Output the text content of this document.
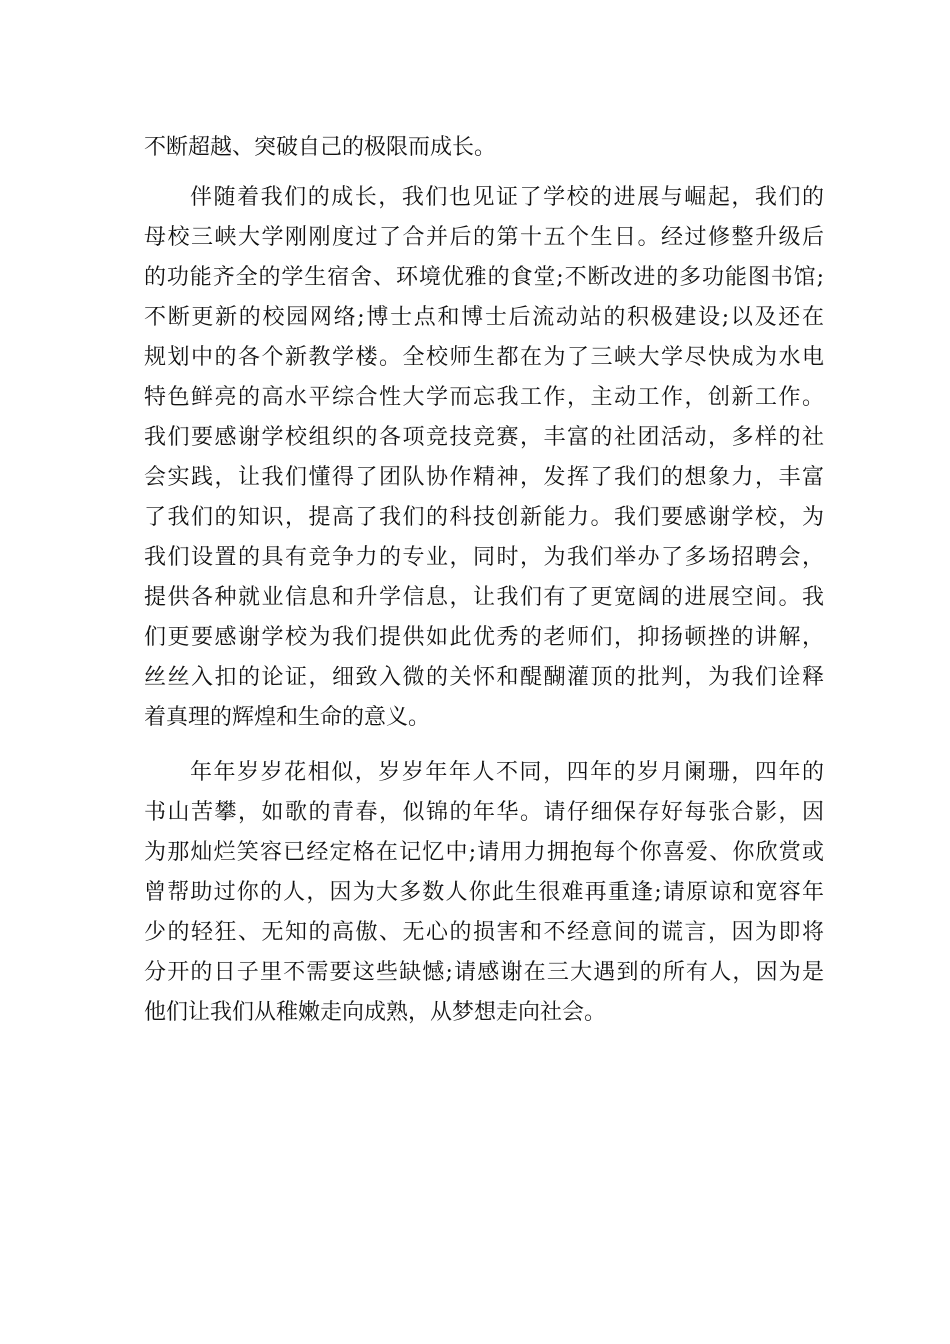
不断超越、突破自己的极限而成长。

伴随着我们的成长，我们也见证了学校的进展与崛起，我们的
母校三峡大学刚刚度过了合并后的第十五个生日。经过修整升级后
的功能齐全的学生宿舍、环境优雅的食堂;不断改进的多功能图书馆;
不断更新的校园网络;博士点和博士后流动站的积极建设;以及还在
规划中的各个新教学楼。全校师生都在为了三峡大学尽快成为水电
特色鲜亮的高水平综合性大学而忘我工作，主动工作，创新工作。
我们要感谢学校组织的各项竞技竞赛，丰富的社团活动，多样的社
会实践，让我们懂得了团队协作精神，发挥了我们的想象力，丰富
了我们的知识，提高了我们的科技创新能力。我们要感谢学校，为
我们设置的具有竞争力的专业，同时，为我们举办了多场招聘会，
提供各种就业信息和升学信息，让我们有了更宽阔的进展空间。我
们更要感谢学校为我们提供如此优秀的老师们，抑扬顿挫的讲解，
丝丝入扣的论证，细致入微的关怀和醍醐灌顶的批判，为我们诠释
着真理的辉煌和生命的意义。

年年岁岁花相似，岁岁年年人不同，四年的岁月阑珊，四年的
书山苦攀，如歌的青春，似锦的年华。请仔细保存好每张合影，因
为那灿烂笑容已经定格在记忆中;请用力拥抱每个你喜爱、你欣赏或
曾帮助过你的人，因为大多数人你此生很难再重逢;请原谅和宽容年
少的轻狂、无知的高傲、无心的损害和不经意间的谎言，因为即将
分开的日子里不需要这些缺憾;请感谢在三大遇到的所有人，因为是
他们让我们从稚嫩走向成熟，从梦想走向社会。
